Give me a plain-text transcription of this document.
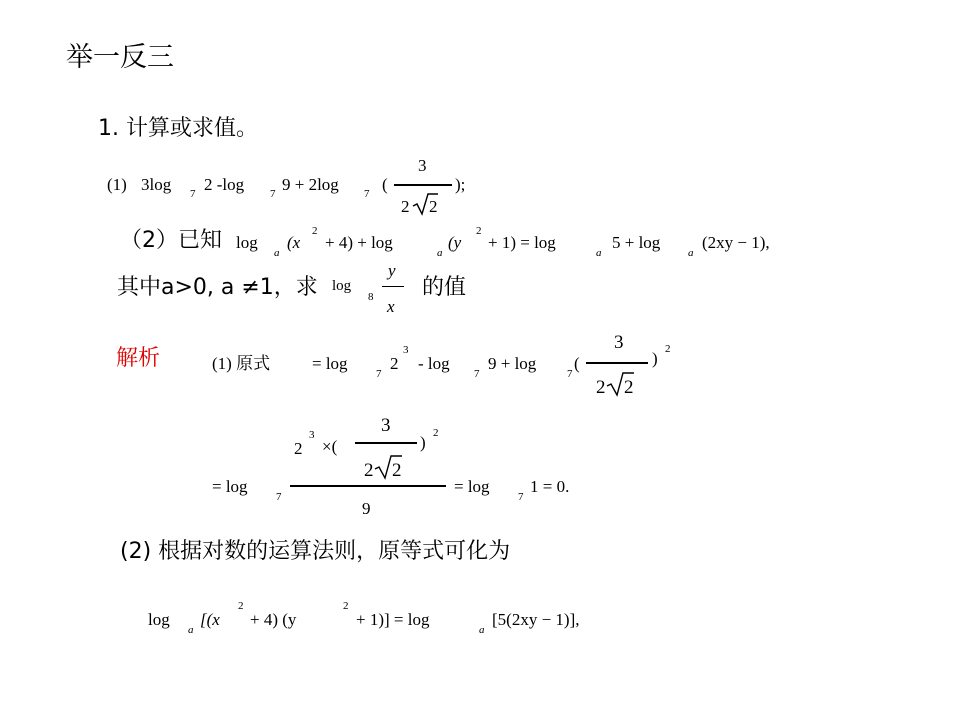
举一反三
1. 计算或求值。
(1) 3log 7 2 -log 7 9 + 2log 7 (
3
2 2
);
（2）已知 log
a
(x
2
+ 4) + log
a
(y
2
+ 1) = log
a
5 + log
a
(2xy − 1),
其中a>0, a ≠1，求 log
8
y
x
的值
解析	(1) 原式 = log
7
2
3
- log
7
9 + log
7
(
3
2 2
) 2
2
3
×(
3
2 2
) 2
= log
7
9
= log
7
1 = 0.
(2) 根据对数的运算法则，原等式可化为
log
a
[(x
2
+ 4) (y
2
+ 1)] = log
a
[5(2xy − 1)],
